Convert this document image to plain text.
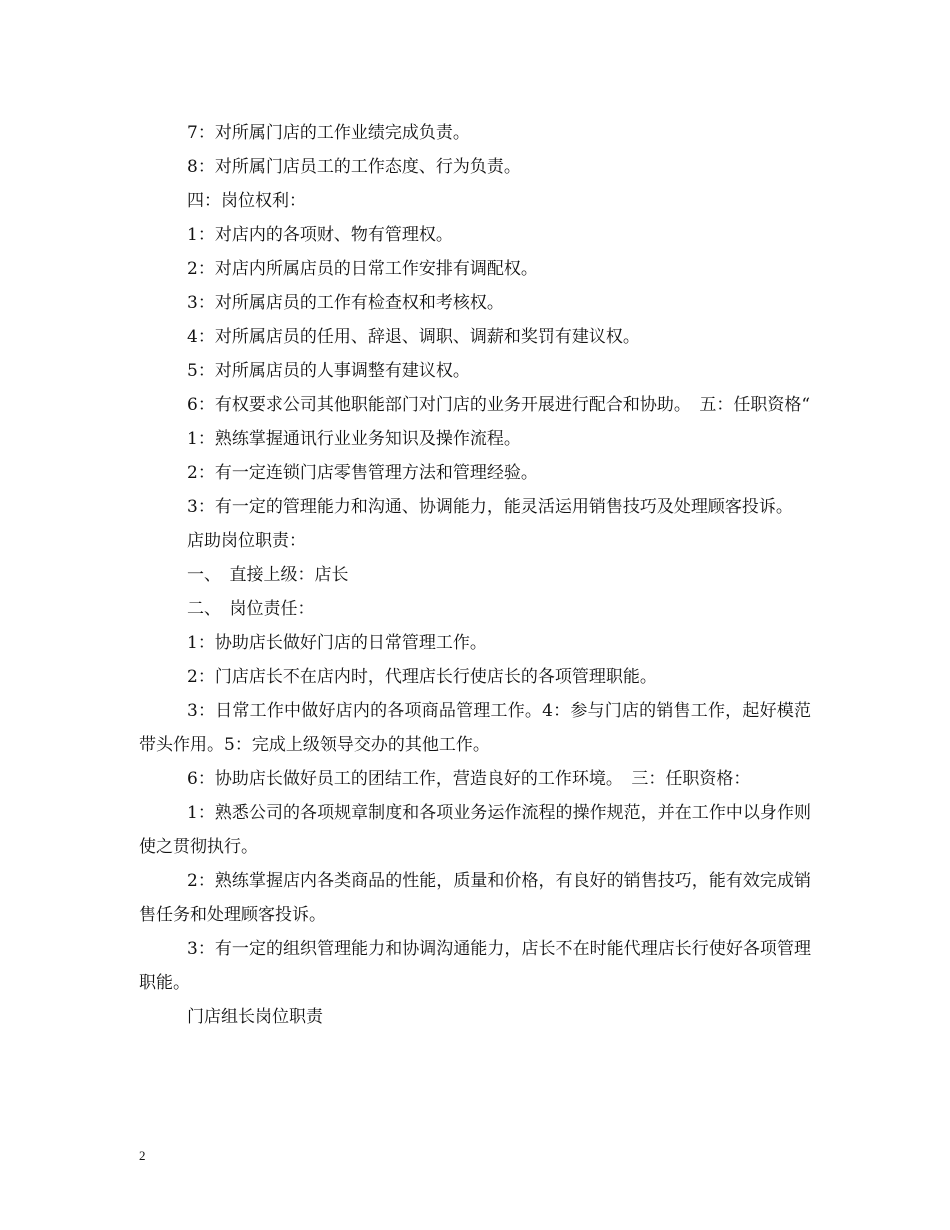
7：对所属门店的工作业绩完成负责。

8：对所属门店员工的工作态度、行为负责。

四：岗位权利：

1：对店内的各项财、物有管理权。

2：对店内所属店员的日常工作安排有调配权。

3：对所属店员的工作有检查权和考核权。

4：对所属店员的任用、辞退、调职、调薪和奖罚有建议权。

5：对所属店员的人事调整有建议权。

6：有权要求公司其他职能部门对门店的业务开展进行配合和协助。　五：任职资格“

1：熟练掌握通讯行业业务知识及操作流程。

2：有一定连锁门店零售管理方法和管理经验。

3：有一定的管理能力和沟通、协调能力，能灵活运用销售技巧及处理顾客投诉。

店助岗位职责：

一、　直接上级：店长

二、　岗位责任：

1：协助店长做好门店的日常管理工作。

2：门店店长不在店内时，代理店长行使店长的各项管理职能。

3：日常工作中做好店内的各项商品管理工作。4：参与门店的销售工作，起好模范带头作用。5：完成上级领导交办的其他工作。

6：协助店长做好员工的团结工作，营造良好的工作环境。　三：任职资格：

1：熟悉公司的各项规章制度和各项业务运作流程的操作规范，并在工作中以身作则使之贯彻执行。

2：熟练掌握店内各类商品的性能，质量和价格，有良好的销售技巧，能有效完成销售任务和处理顾客投诉。

3：有一定的组织管理能力和协调沟通能力，店长不在时能代理店长行使好各项管理职能。

门店组长岗位职责

2
